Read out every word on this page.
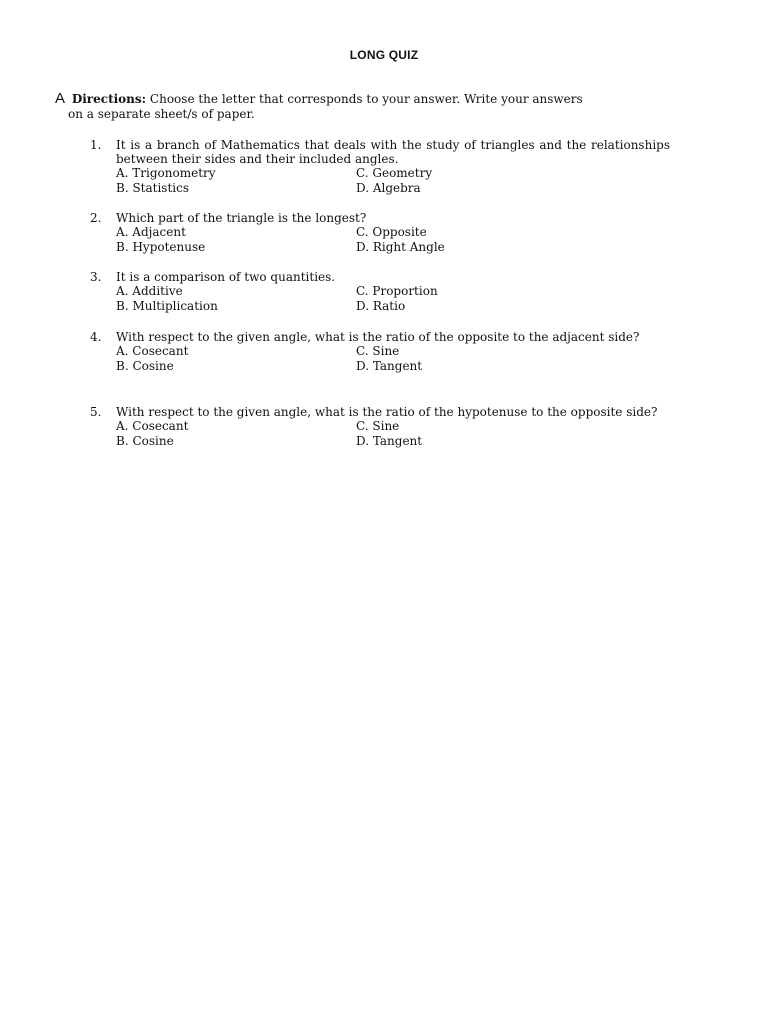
LONG QUIZ
A Directions: Choose the letter that corresponds to your answer. Write your answers
on a separate sheet/s of paper.
1. It is a branch of Mathematics that deals with the study of triangles and the relationships between their sides and their included angles.
A. Trigonometry	C. Geometry
B. Statistics	D. Algebra
2. Which part of the triangle is the longest?
A. Adjacent	C. Opposite
B. Hypotenuse	D. Right Angle
3. It is a comparison of two quantities.
A. Additive	C. Proportion
B. Multiplication	D. Ratio
4. With respect to the given angle, what is the ratio of the opposite to the adjacent side?
A. Cosecant	C. Sine
B. Cosine	D. Tangent
5. With respect to the given angle, what is the ratio of the hypotenuse to the opposite side?
A. Cosecant	C. Sine
B. Cosine	D. Tangent
